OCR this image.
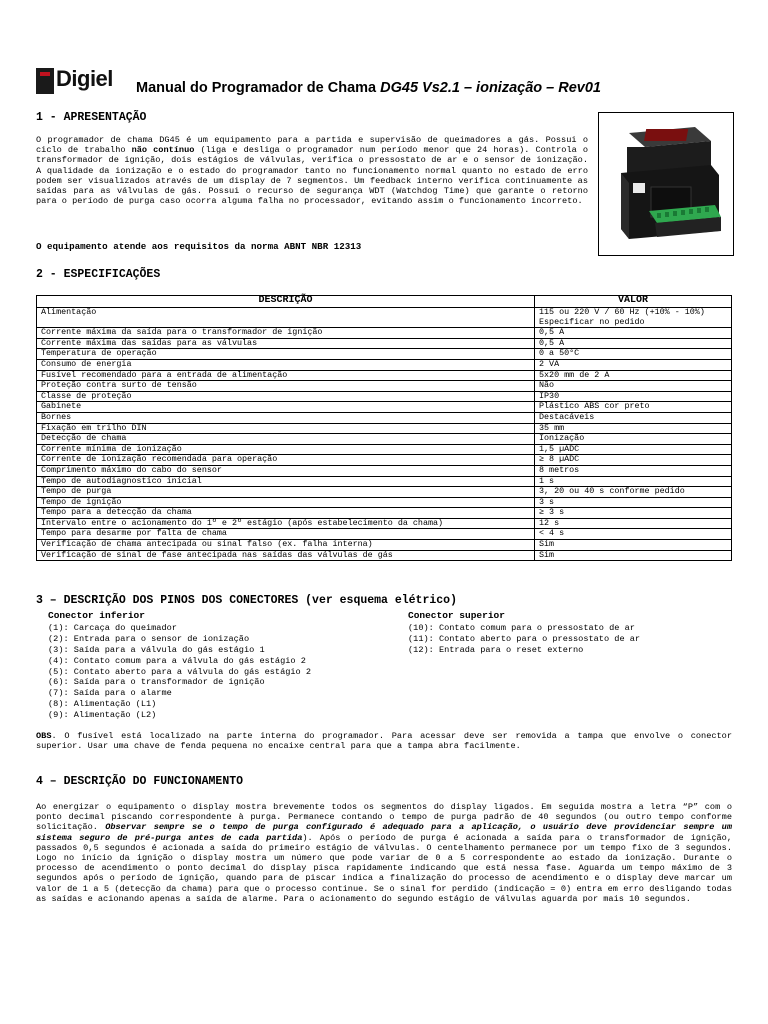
Digiel Manual do Programador de Chama DG45 Vs2.1 – ionização – Rev01
1 - APRESENTAÇÃO
O programador de chama DG45 é um equipamento para a partida e supervisão de queimadores a gás. Possui o ciclo de trabalho não contínuo (liga e desliga o programador num período menor que 24 horas). Controla o transformador de ignição, dois estágios de válvulas, verifica o pressostato de ar e o sensor de ionização. A qualidade da ionização e o estado do programador tanto no funcionamento normal quanto no estado de erro podem ser visualizados através de um display de 7 segmentos. Um feedback interno verifica continuamente as saídas para as válvulas de gás. Possui o recurso de segurança WDT (Watchdog Time) que garante o retorno para o período de purga caso ocorra alguma falha no processador, evitando assim o funcionamento incorreto.
O equipamento atende aos requisitos da norma ABNT NBR 12313
2 - ESPECIFICAÇÕES
DESCRIÇÃO	VALOR
Alimentação	115 ou 220 V / 60 Hz (+10% - 10%) Especificar no pedido
Corrente máxima da saída para o transformador de ignição	0,5 A
Corrente máxima das saídas para as válvulas	0,5 A
Temperatura de operação	0 a 50°C
Consumo de energia	2 VA
Fusível recomendado para a entrada de alimentação	5x20 mm de 2 A
Proteção contra surto de tensão	Não
Classe de proteção	IP30
Gabinete	Plástico ABS cor preto
Bornes	Destacáveis
Fixação em trilho DIN	35 mm
Detecção de chama	Ionização
Corrente mínima de ionização	1,5 µADC
Corrente de ionização recomendada para operação	≥ 8 µADC
Comprimento máximo do cabo do sensor	8 metros
Tempo de autodiagnostico inicial	1 s
Tempo de purga	3, 20 ou 40 s conforme pedido
Tempo de ignição	3 s
Tempo para a detecção da chama	≥ 3 s
Intervalo entre o acionamento do 1º e 2º estágio (após estabelecimento da chama)	12 s
Tempo para desarme por falta de chama	< 4 s
Verificação de chama antecipada ou sinal falso (ex. falha interna)	Sim
Verificação de sinal de fase antecipada nas saídas das válvulas de gás	Sim
3 – DESCRIÇÃO DOS PINOS DOS CONECTORES (ver esquema elétrico)
Conector inferior
(1): Carcaça do queimador
(2): Entrada para o sensor de ionização
(3): Saída para a válvula do gás estágio 1
(4): Contato comum para a válvula do gás estágio 2
(5): Contato aberto para a válvula do gás estágio 2
(6): Saída para o transformador de ignição
(7): Saída para o alarme
(8): Alimentação (L1)
(9): Alimentação (L2)
Conector superior
(10): Contato comum para o pressostato de ar
(11): Contato aberto para o pressostato de ar
(12): Entrada para o reset externo
OBS. O fusível está localizado na parte interna do programador. Para acessar deve ser removida a tampa que envolve o conector superior. Usar uma chave de fenda pequena no encaixe central para que a tampa abra facilmente.
4 – DESCRIÇÃO DO FUNCIONAMENTO
Ao energizar o equipamento o display mostra brevemente todos os segmentos do display ligados. Em seguida mostra a letra “P” com o ponto decimal piscando correspondente à purga. Permanece contando o tempo de purga padrão de 40 segundos (ou outro tempo conforme solicitação. Observar sempre se o tempo de purga configurado é adequado para a aplicação, o usuário deve providenciar sempre um sistema seguro de pré-purga antes de cada partida). Após o período de purga é acionada a saída para o transformador de ignição, passados 0,5 segundos é acionada a saída do primeiro estágio de válvulas. O centelhamento permanece por um tempo fixo de 3 segundos. Logo no início da ignição o display mostra um número que pode variar de 0 a 5 correspondente ao estado da ionização. Durante o processo de acendimento o ponto decimal do display pisca rapidamente indicando que está nessa fase. Aguarda um tempo máximo de 3 segundos após o período de ignição, quando para de piscar indica a finalização do processo de acendimento e o display deve marcar um valor de 1 a 5 (detecção da chama) para que o processo continue. Se o sinal for perdido (indicação = 0) entra em erro desligando todas as saídas e acionando apenas a saída de alarme. Para o acionamento do segundo estágio de válvulas aguarda por mais 10 segundos.
